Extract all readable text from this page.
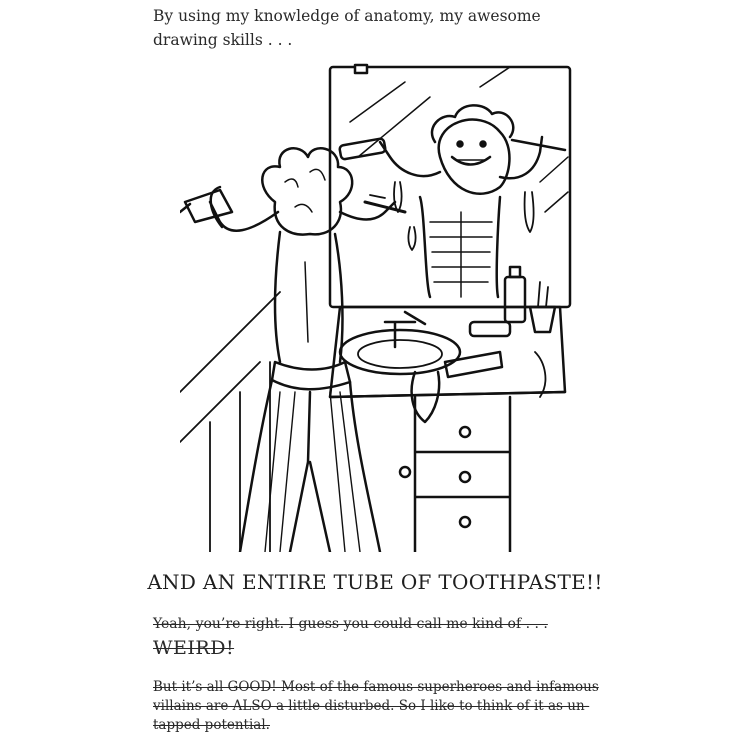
By using my knowledge of anatomy, my awesome drawing skills . . .

AND AN ENTIRE TUBE OF TOOTHPASTE!!

Yeah, you’re right. I guess you could call me kind of . . .

WEIRD!

But it’s all GOOD! Most of the famous superheroes and infamous villains are ALSO a little disturbed. So I like to think of it as un-tapped potential.
